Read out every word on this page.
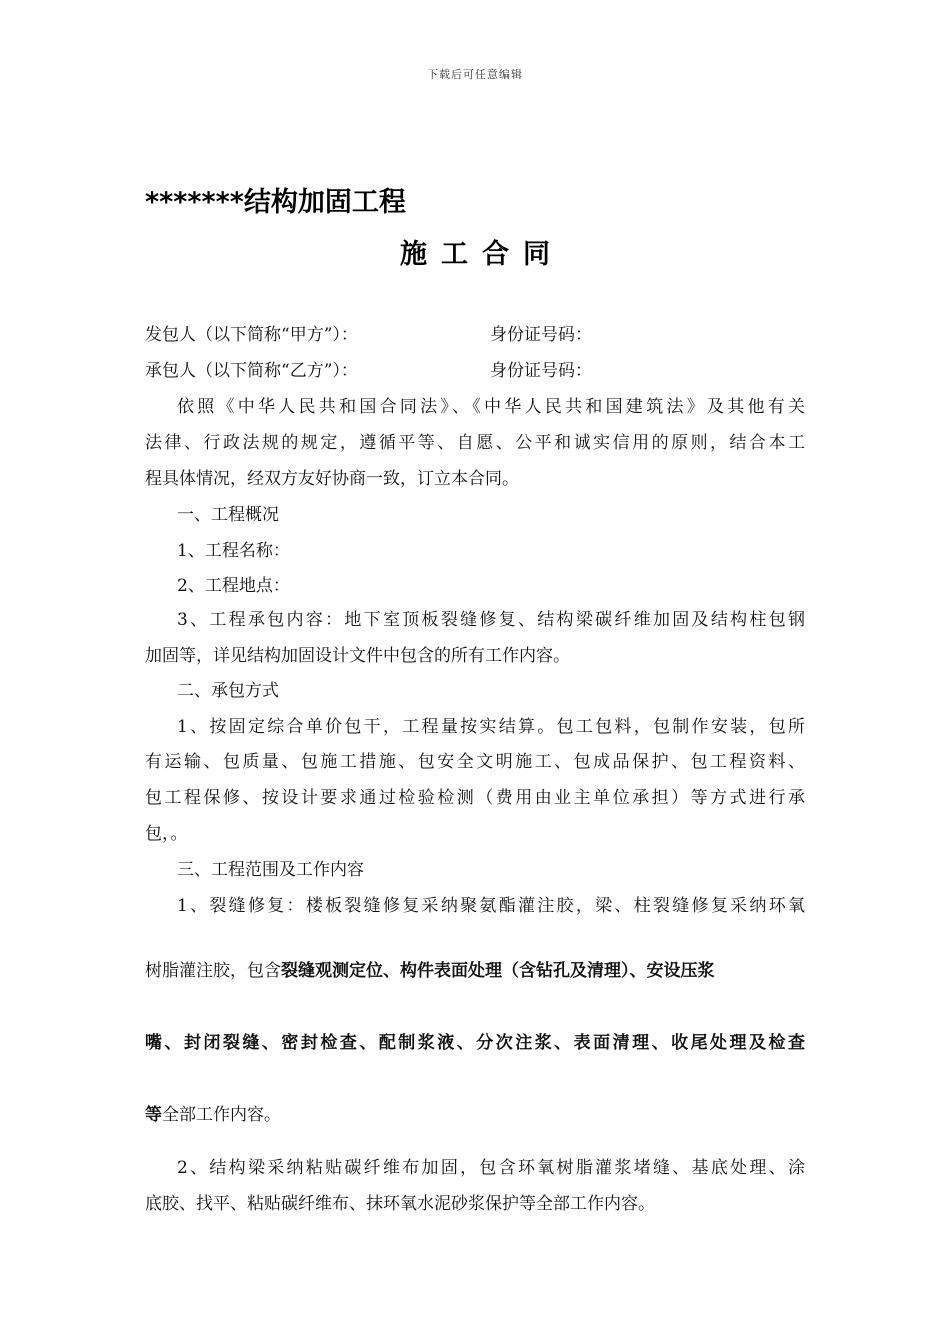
下载后可任意编辑
*******结构加固工程
施工合同
发包人（以下简称“甲方”）：	身份证号码：
承包人（以下简称“乙方”）：	身份证号码：
依照《中华人民共和国合同法》、《中华人民共和国建筑法》及其他有关
法律、行政法规的规定，遵循平等、自愿、公平和诚实信用的原则，结合本工
程具体情况，经双方友好协商一致，订立本合同。
一、工程概况
1、工程名称：
2、工程地点：
3、工程承包内容：地下室顶板裂缝修复、结构梁碳纤维加固及结构柱包钢
加固等，详见结构加固设计文件中包含的所有工作内容。
二、承包方式
1、按固定综合单价包干，工程量按实结算。包工包料，包制作安装，包所
有运输、包质量、包施工措施、包安全文明施工、包成品保护、包工程资料、
包工程保修、按设计要求通过检验检测（费用由业主单位承担）等方式进行承
包，。
三、工程范围及工作内容
1、裂缝修复：楼板裂缝修复采纳聚氨酯灌注胶，梁、柱裂缝修复采纳环氧
树脂灌注胶，包含裂缝观测定位、构件表面处理（含钻孔及清理）、安设压浆
嘴、封闭裂缝、密封检查、配制浆液、分次注浆、表面清理、收尾处理及检查
等全部工作内容。
2、结构梁采纳粘贴碳纤维布加固，包含环氧树脂灌浆堵缝、基底处理、涂
底胶、找平、粘贴碳纤维布、抹环氧水泥砂浆保护等全部工作内容。
